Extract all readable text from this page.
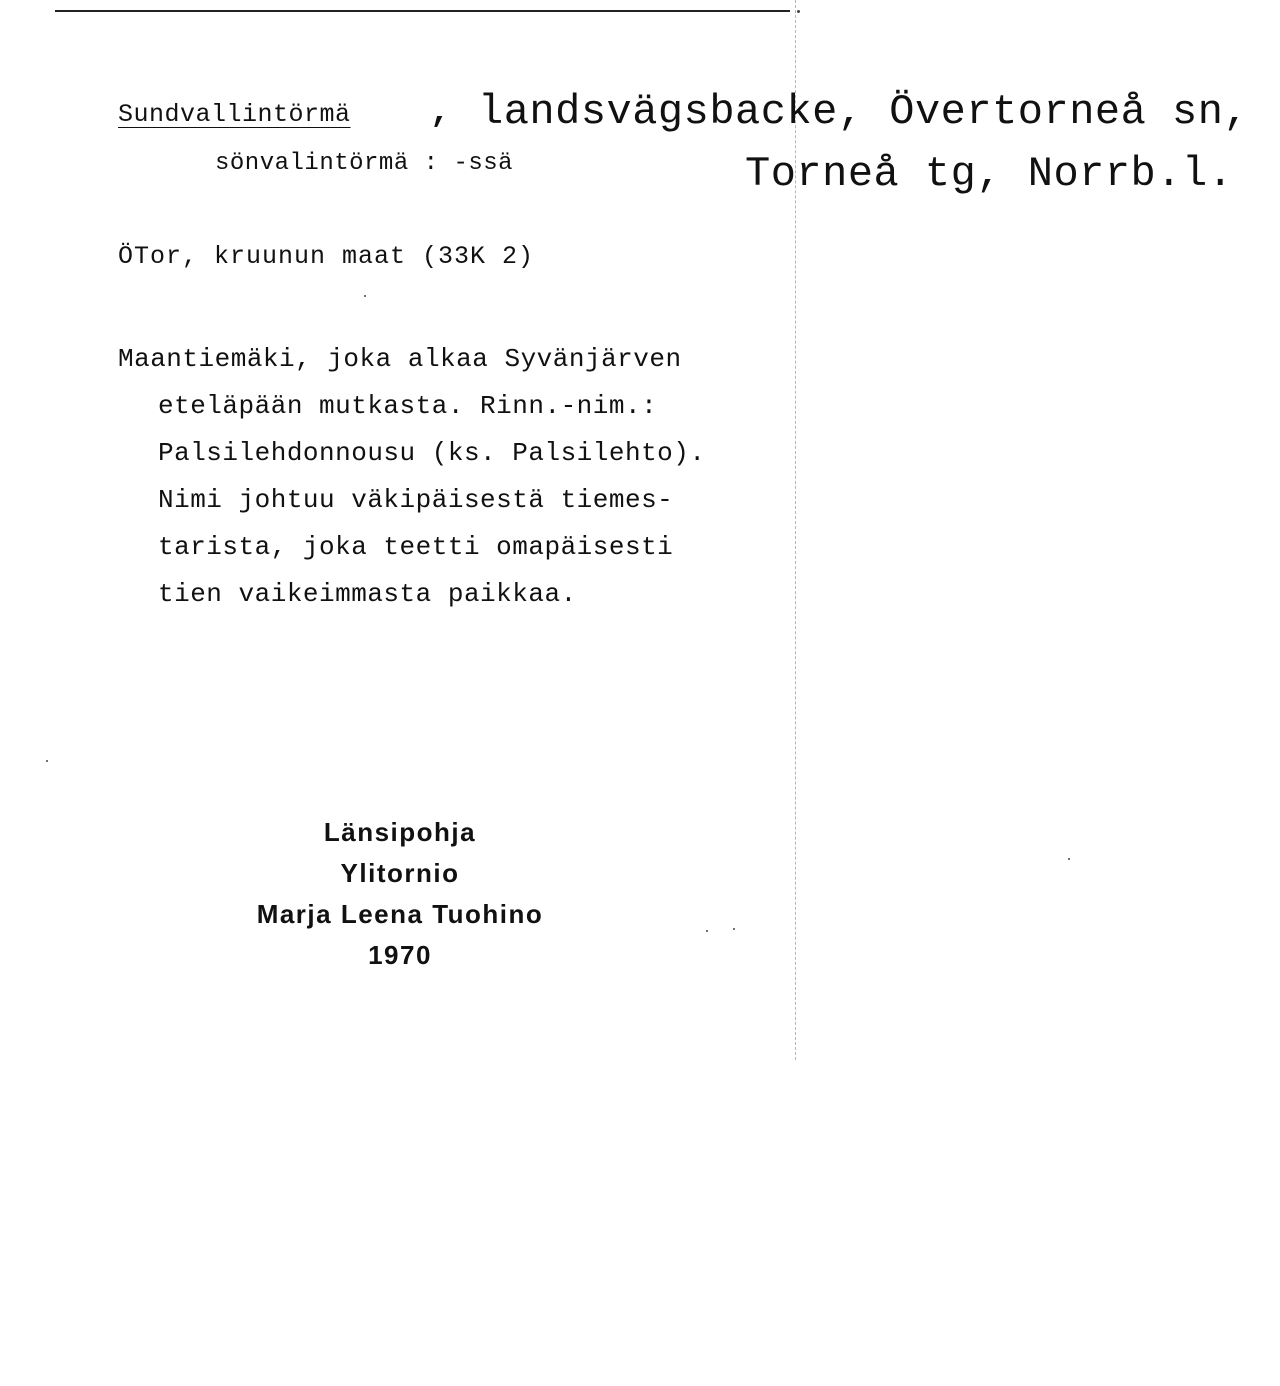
Sundvallintörmä , landsvägsbacke, Övertorneå sn,
sönvalintörmä : -ssä	Torneå tg, Norrb.l.
ÖTor, kruunun maat (33K 2)
Maantiemäki, joka alkaa Syvänjärven
eteläpään mutkasta. Rinn.-nim.:
Palsilehdonnousu (ks. Palsilehto).
Nimi johtuu väkipäisestä tiemes-
tarista, joka teetti omapäisesti
tien vaikeimmasta paikkaa.
Länsipohja
Ylitornio
Marja Leena Tuohino
1970
